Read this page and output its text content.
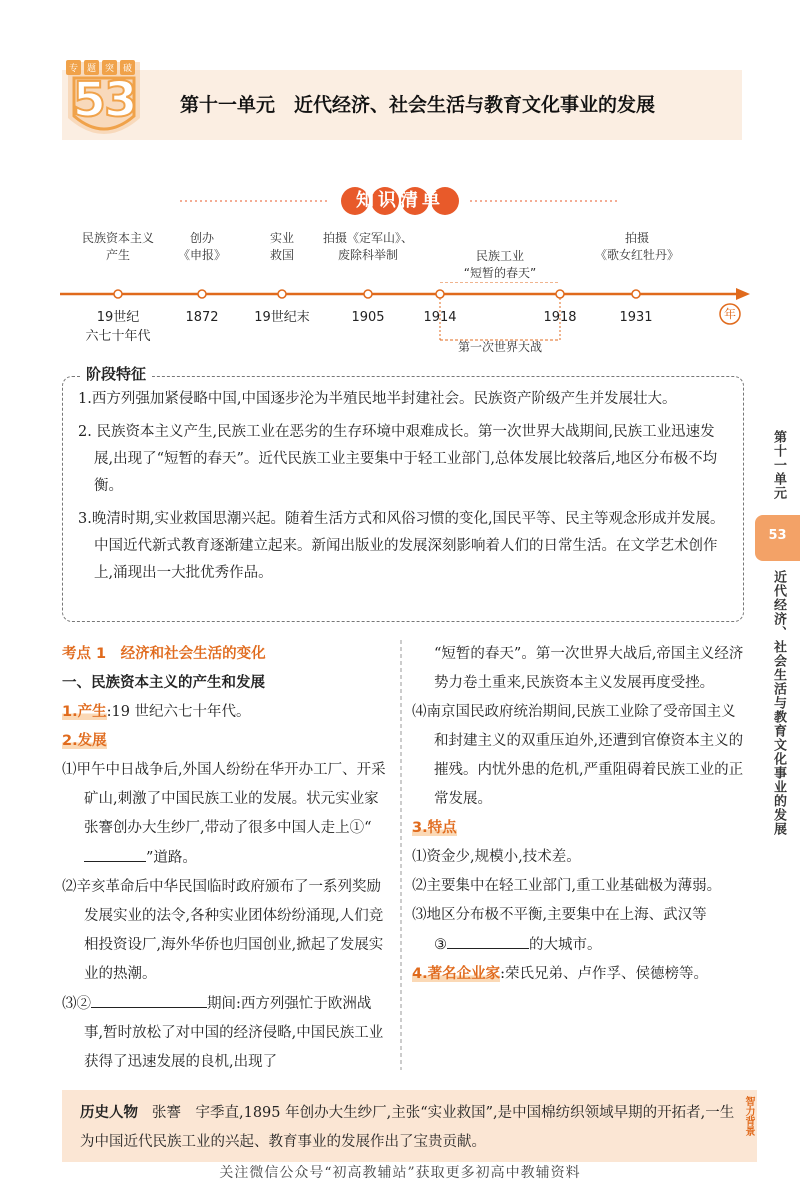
专	题	突	破
53	第十一单元　近代经济、社会生活与教育文化事业的发展
知识清单
年
民族资本主义
产生
创办
《申报》
实业
救国
拍摄《定军山》、
废除科举制
拍摄
《歌女红牡丹》
民族工业
“短暂的春天”
第一次世界大战
19世纪
六七十年代
1872	19世纪末	1905	1914	1918	1931
阶段特征
1.西方列强加紧侵略中国,中国逐步沦为半殖民地半封建社会。民族资产阶级产生并发展壮大。
2. 民族资本主义产生,民族工业在恶劣的生存环境中艰难成长。第一次世界大战期间,民族工业迅速发展,出现了“短暂的春天”。近代民族工业主要集中于轻工业部门,总体发展比较落后,地区分布极不均衡。
3.晚清时期,实业救国思潮兴起。随着生活方式和风俗习惯的变化,国民平等、民主等观念形成并发展。中国近代新式教育逐渐建立起来。新闻出版业的发展深刻影响着人们的日常生活。在文学艺术创作上,涌现出一大批优秀作品。
第十一单元
53
近代经济、社会生活与教育文化事业的发展
考点 1　经济和社会生活的变化
一、民族资本主义的产生和发展
1.产生:19 世纪六七十年代。
2.发展
⑴甲午中日战争后,外国人纷纷在华开办工厂、开采矿山,刺激了中国民族工业的发展。状元实业家张謇创办大生纱厂,带动了很多中国人走上①“”道路。
⑵辛亥革命后中华民国临时政府颁布了一系列奖励发展实业的法令,各种实业团体纷纷涌现,人们竞相投资设厂,海外华侨也归国创业,掀起了发展实业的热潮。
⑶②	期间:西方列强忙于欧洲战事,暂时放松了对中国的经济侵略,中国民族工业获得了迅速发展的良机,出现了
“短暂的春天”。第一次世界大战后,帝国主义经济势力卷土重来,民族资本主义发展再度受挫。
⑷南京国民政府统治期间,民族工业除了受帝国主义和封建主义的双重压迫外,还遭到官僚资本主义的摧残。内忧外患的危机,严重阻碍着民族工业的正常发展。
3.特点
⑴资金少,规模小,技术差。
⑵主要集中在轻工业部门,重工业基础极为薄弱。
⑶地区分布极不平衡,主要集中在上海、武汉等
③	的大城市。
4.著名企业家:荣氏兄弟、卢作孚、侯德榜等。
历史人物 张謇　宇季直,1895 年创办大生纱厂,主张“实业救国”,是中国棉纺织领域早期的开拓者,一生为中国近代民族工业的兴起、教育事业的发展作出了宝贵贡献。
智力背景
关注微信公众号“初高教辅站”获取更多初高中教辅资料
